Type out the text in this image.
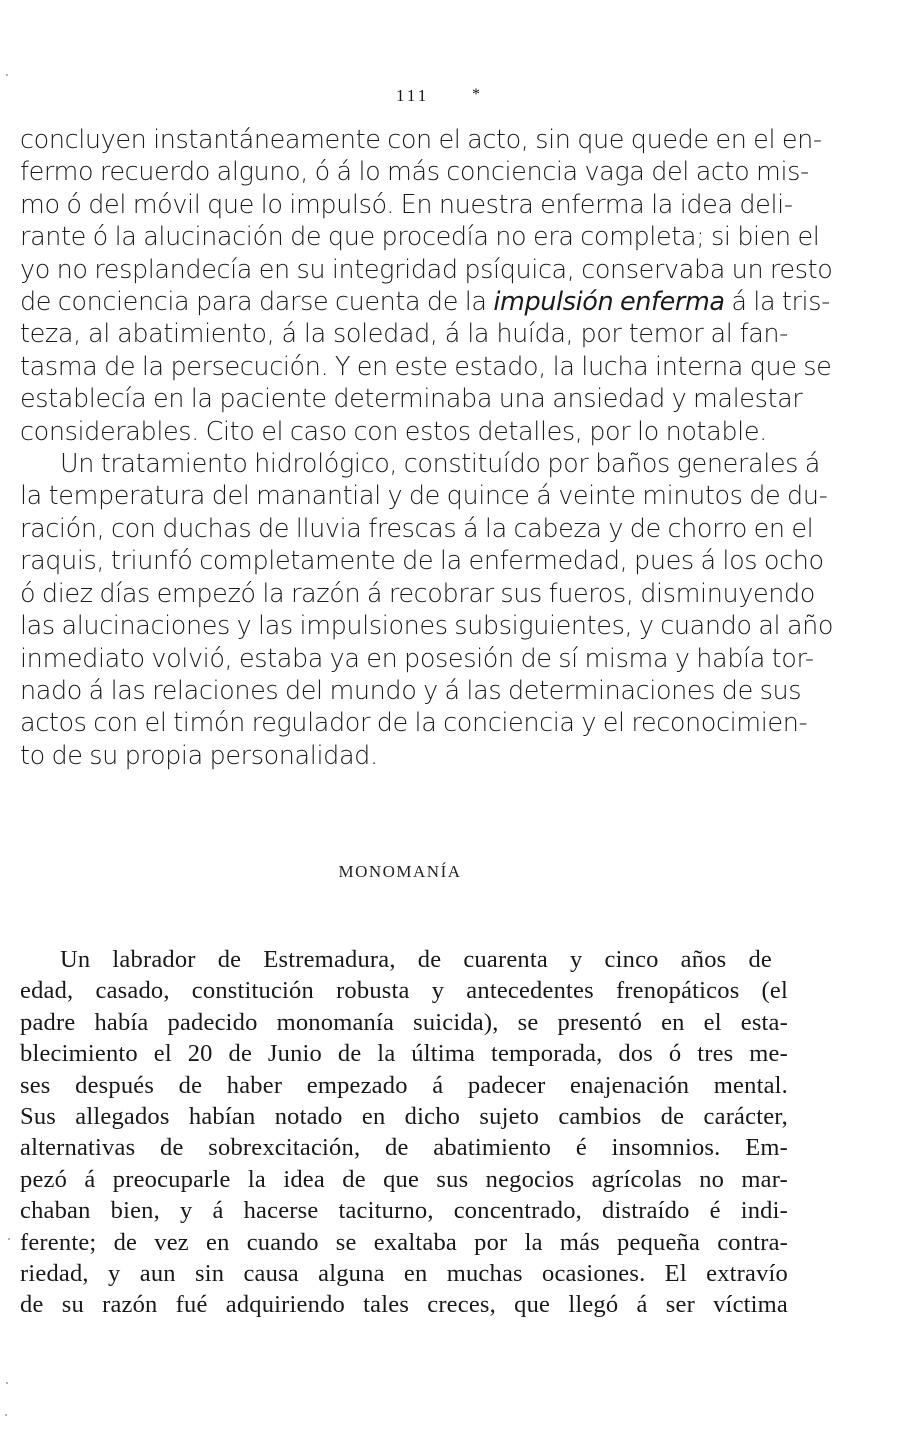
111	*
concluyen instantáneamente con el acto, sin que quede en el en-
fermo recuerdo alguno, ó á lo más conciencia vaga del acto mis-
mo ó del móvil que lo impulsó. En nuestra enferma la idea deli-
rante ó la alucinación de que procedía no era completa; si bien el
yo no resplandecía en su integridad psíquica, conservaba un resto
de conciencia para darse cuenta de la impulsión enferma á la tris-
teza, al abatimiento, á la soledad, á la huída, por temor al fan-
tasma de la persecución. Y en este estado, la lucha interna que se
establecía en la paciente determinaba una ansiedad y malestar
considerables. Cito el caso con estos detalles, por lo notable.
Un tratamiento hidrológico, constituído por baños generales á
la temperatura del manantial y de quince á veinte minutos de du-
ración, con duchas de lluvia frescas á la cabeza y de chorro en el
raquis, triunfó completamente de la enfermedad, pues á los ocho
ó diez días empezó la razón á recobrar sus fueros, disminuyendo
las alucinaciones y las impulsiones subsiguientes, y cuando al año
inmediato volvió, estaba ya en posesión de sí misma y había tor-
nado á las relaciones del mundo y á las determinaciones de sus
actos con el timón regulador de la conciencia y el reconocimien-
to de su propia personalidad.
MONOMANÍA
Un labrador de Estremadura, de cuarenta y cinco años de
edad, casado, constitución robusta y antecedentes frenopáticos (el
padre había padecido monomanía suicida), se presentó en el esta-
blecimiento el 20 de Junio de la última temporada, dos ó tres me-
ses después de haber empezado á padecer enajenación mental.
Sus allegados habían notado en dicho sujeto cambios de carácter,
alternativas de sobrexcitación, de abatimiento é insomnios. Em-
pezó á preocuparle la idea de que sus negocios agrícolas no mar-
chaban bien, y á hacerse taciturno, concentrado, distraído é indi-
ferente; de vez en cuando se exaltaba por la más pequeña contra-
riedad, y aun sin causa alguna en muchas ocasiones. El extravío
de su razón fué adquiriendo tales creces, que llegó á ser víctima
